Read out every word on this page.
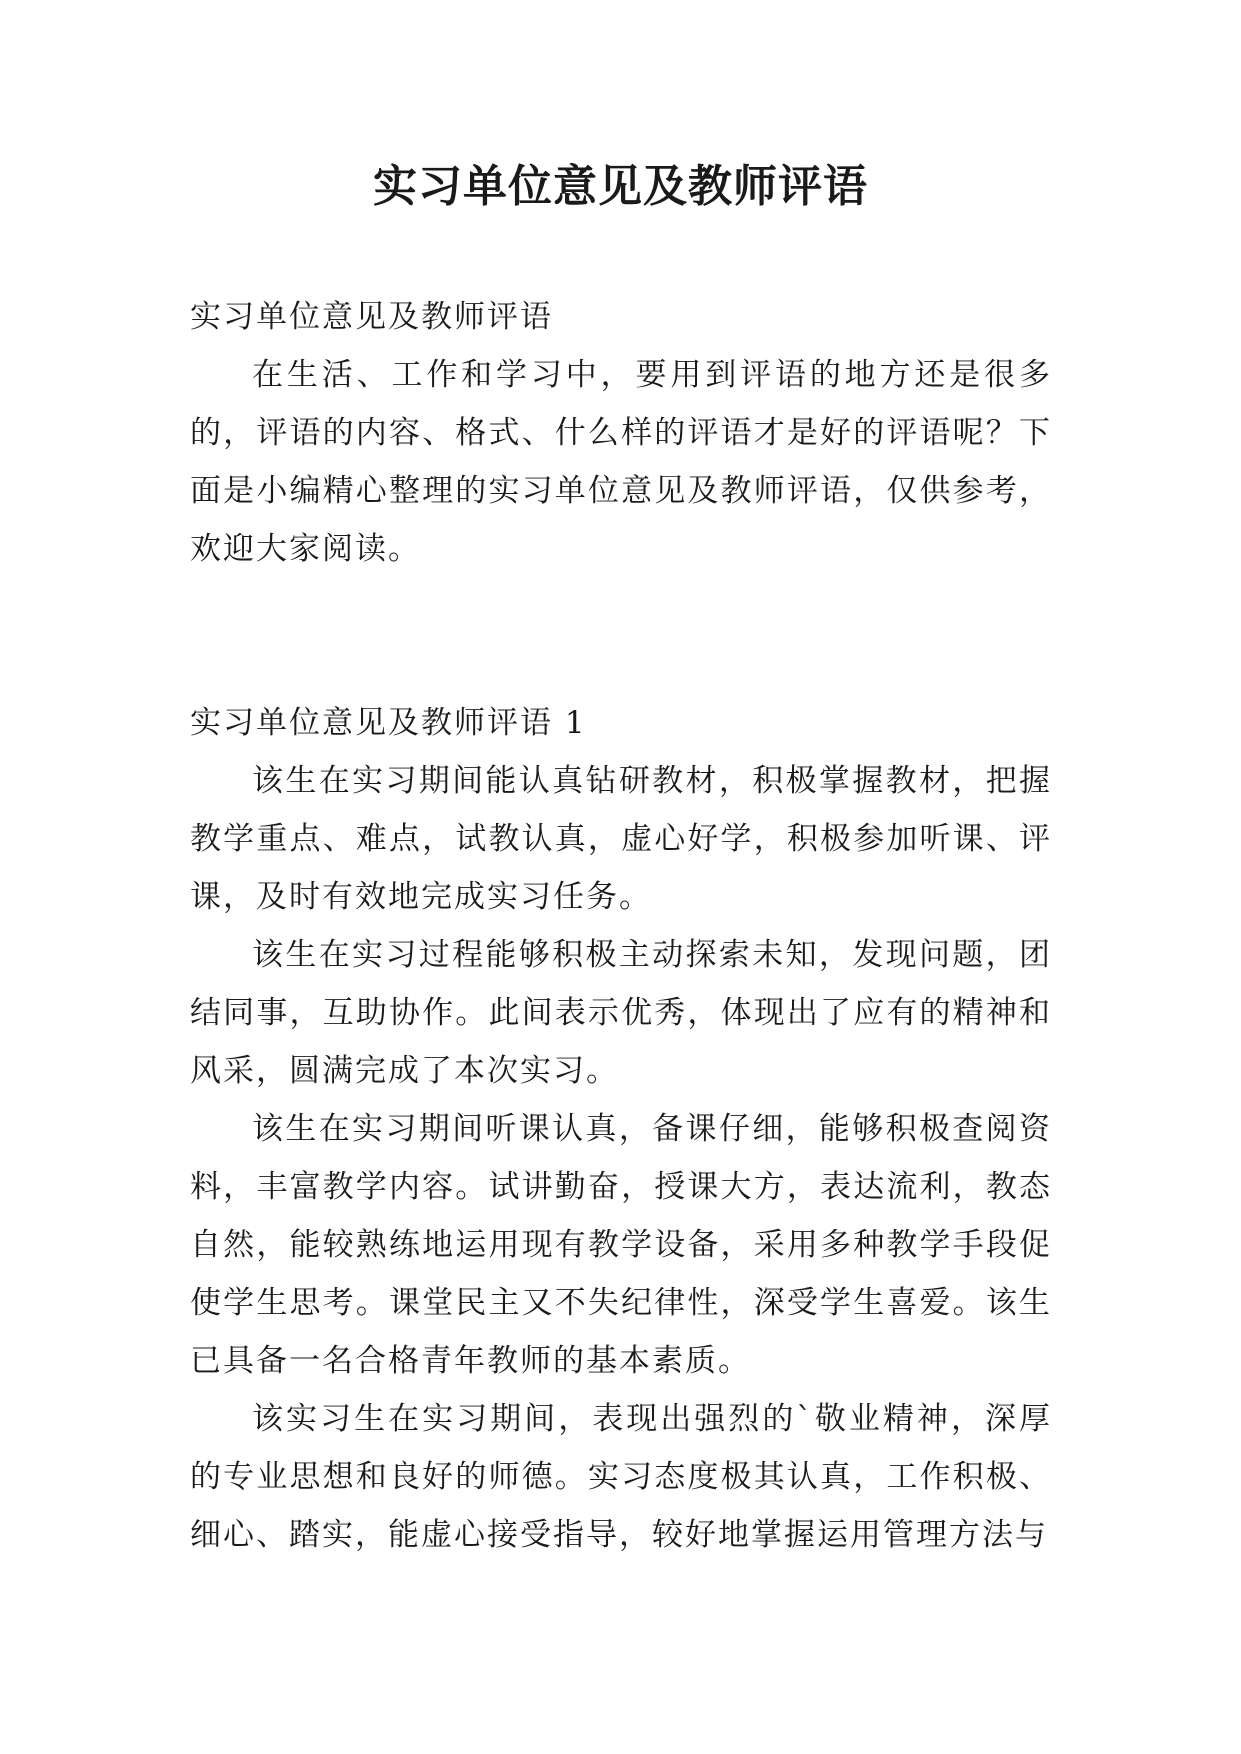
实习单位意见及教师评语

实习单位意见及教师评语

在生活、工作和学习中，要用到评语的地方还是很多的，评语的内容、格式、什么样的评语才是好的评语呢？下面是小编精心整理的实习单位意见及教师评语，仅供参考，欢迎大家阅读。

实习单位意见及教师评语 1

该生在实习期间能认真钻研教材，积极掌握教材，把握教学重点、难点，试教认真，虚心好学，积极参加听课、评课，及时有效地完成实习任务。

该生在实习过程能够积极主动探索未知，发现问题，团结同事，互助协作。此间表示优秀，体现出了应有的精神和风采，圆满完成了本次实习。

该生在实习期间听课认真，备课仔细，能够积极查阅资料，丰富教学内容。试讲勤奋，授课大方，表达流利，教态自然，能较熟练地运用现有教学设备，采用多种教学手段促使学生思考。课堂民主又不失纪律性，深受学生喜爱。该生已具备一名合格青年教师的基本素质。

该实习生在实习期间，表现出强烈的`敬业精神，深厚的专业思想和良好的师德。实习态度极其认真，工作积极、细心、踏实，能虚心接受指导，较好地掌握运用管理方法与
